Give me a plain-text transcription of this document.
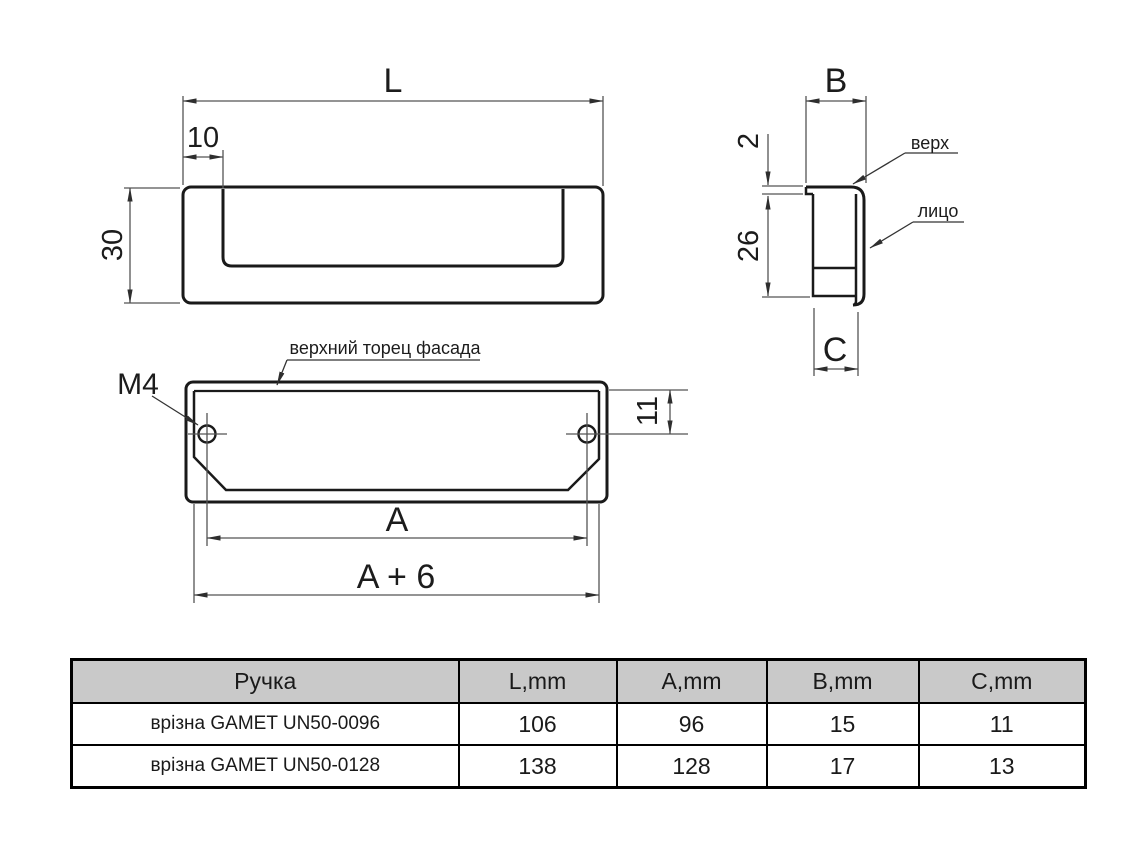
L
10
30
B
2
26
C
верх
лицо
верхний торец фасада
M4
11
A
A + 6
Ручка	L,mm	A,mm	B,mm	C,mm
врізна GAMET UN50-0096	106	96	15	11
врізна GAMET UN50-0128	138	128	17	13
